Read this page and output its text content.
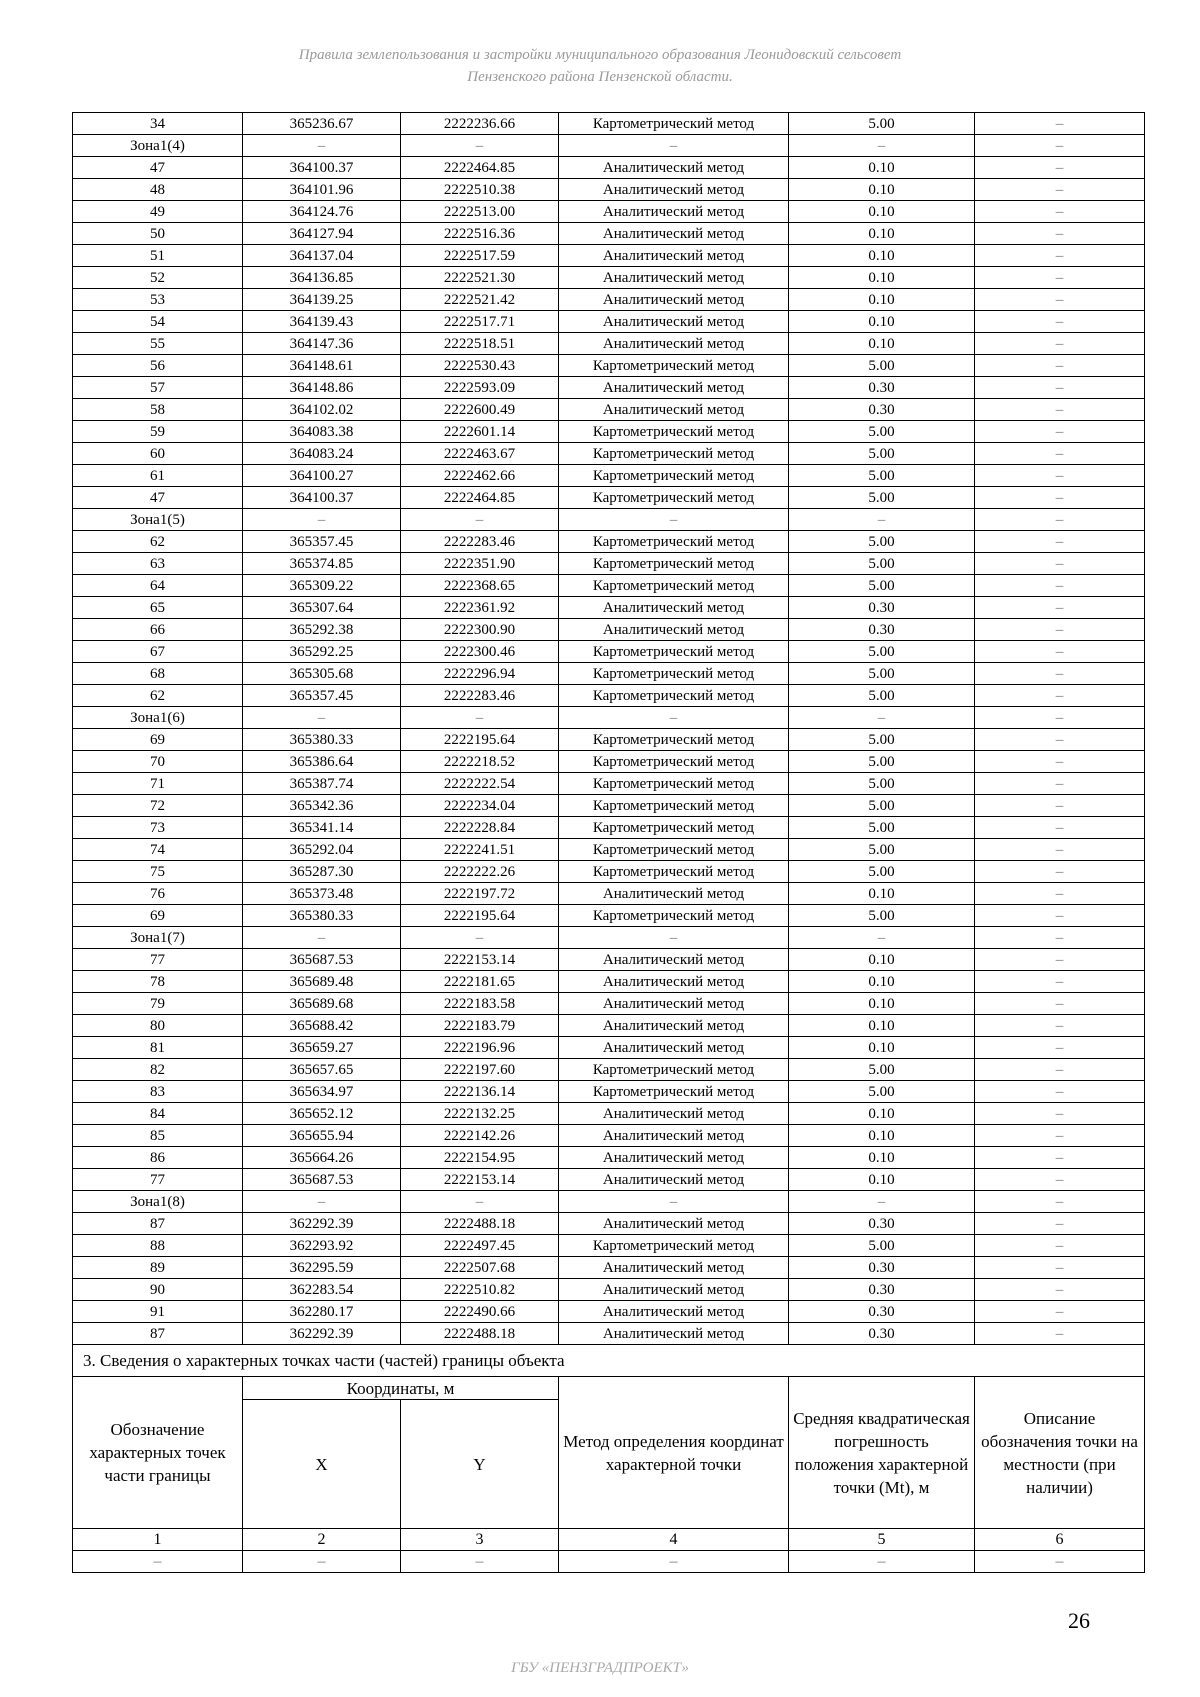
Правила землепользования и застройки муниципального образования Леонидовский сельсовет
Пензенского района Пензенской области.
34	365236.67	2222236.66	Картометрический метод	5.00	–
Зона1(4)	–	–	–	–	–
47	364100.37	2222464.85	Аналитический метод	0.10	–
48	364101.96	2222510.38	Аналитический метод	0.10	–
49	364124.76	2222513.00	Аналитический метод	0.10	–
50	364127.94	2222516.36	Аналитический метод	0.10	–
51	364137.04	2222517.59	Аналитический метод	0.10	–
52	364136.85	2222521.30	Аналитический метод	0.10	–
53	364139.25	2222521.42	Аналитический метод	0.10	–
54	364139.43	2222517.71	Аналитический метод	0.10	–
55	364147.36	2222518.51	Аналитический метод	0.10	–
56	364148.61	2222530.43	Картометрический метод	5.00	–
57	364148.86	2222593.09	Аналитический метод	0.30	–
58	364102.02	2222600.49	Аналитический метод	0.30	–
59	364083.38	2222601.14	Картометрический метод	5.00	–
60	364083.24	2222463.67	Картометрический метод	5.00	–
61	364100.27	2222462.66	Картометрический метод	5.00	–
47	364100.37	2222464.85	Картометрический метод	5.00	–
Зона1(5)	–	–	–	–	–
62	365357.45	2222283.46	Картометрический метод	5.00	–
63	365374.85	2222351.90	Картометрический метод	5.00	–
64	365309.22	2222368.65	Картометрический метод	5.00	–
65	365307.64	2222361.92	Аналитический метод	0.30	–
66	365292.38	2222300.90	Аналитический метод	0.30	–
67	365292.25	2222300.46	Картометрический метод	5.00	–
68	365305.68	2222296.94	Картометрический метод	5.00	–
62	365357.45	2222283.46	Картометрический метод	5.00	–
Зона1(6)	–	–	–	–	–
69	365380.33	2222195.64	Картометрический метод	5.00	–
70	365386.64	2222218.52	Картометрический метод	5.00	–
71	365387.74	2222222.54	Картометрический метод	5.00	–
72	365342.36	2222234.04	Картометрический метод	5.00	–
73	365341.14	2222228.84	Картометрический метод	5.00	–
74	365292.04	2222241.51	Картометрический метод	5.00	–
75	365287.30	2222222.26	Картометрический метод	5.00	–
76	365373.48	2222197.72	Аналитический метод	0.10	–
69	365380.33	2222195.64	Картометрический метод	5.00	–
Зона1(7)	–	–	–	–	–
77	365687.53	2222153.14	Аналитический метод	0.10	–
78	365689.48	2222181.65	Аналитический метод	0.10	–
79	365689.68	2222183.58	Аналитический метод	0.10	–
80	365688.42	2222183.79	Аналитический метод	0.10	–
81	365659.27	2222196.96	Аналитический метод	0.10	–
82	365657.65	2222197.60	Картометрический метод	5.00	–
83	365634.97	2222136.14	Картометрический метод	5.00	–
84	365652.12	2222132.25	Аналитический метод	0.10	–
85	365655.94	2222142.26	Аналитический метод	0.10	–
86	365664.26	2222154.95	Аналитический метод	0.10	–
77	365687.53	2222153.14	Аналитический метод	0.10	–
Зона1(8)	–	–	–	–	–
87	362292.39	2222488.18	Аналитический метод	0.30	–
88	362293.92	2222497.45	Картометрический метод	5.00	–
89	362295.59	2222507.68	Аналитический метод	0.30	–
90	362283.54	2222510.82	Аналитический метод	0.30	–
91	362280.17	2222490.66	Аналитический метод	0.30	–
87	362292.39	2222488.18	Аналитический метод	0.30	–
3. Сведения о характерных точках части (частей) границы объекта					
Обозначение характерных точек части границы	Координаты, м		Метод определения координат характерной точки	Средняя квадратическая погрешность положения характерной точки (Mt), м	Описание обозначения точки на местности (при наличии)
	X	Y			
1	2	3	4	5	6
–	–	–	–	–	–
26
ГБУ «ПЕНЗГРАДПРОЕКТ»
